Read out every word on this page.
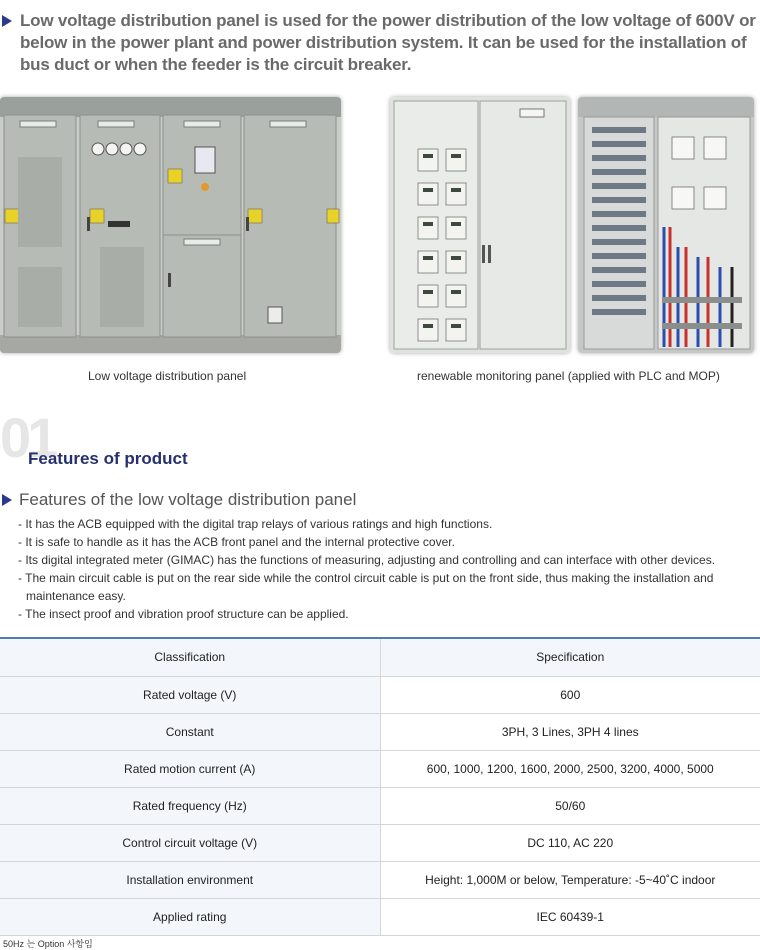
Low voltage distribution panel is used for the power distribution of the low voltage of 600V or below in the power plant and power distribution system. It can be used for the installation of bus duct or when the feeder is the circuit breaker.

Low voltage distribution panel	renewable monitoring panel (applied with PLC and MOP)
01
Features of product
Features of the low voltage distribution panel
- It has the ACB equipped with the digital trap relays of various ratings and high functions.
- It is safe to handle as it has the ACB front panel and the internal protective cover.
- Its digital integrated meter (GIMAC) has the functions of measuring, adjusting and controlling and can interface with other devices.
- The main circuit cable is put on the rear side while the control circuit cable is put on the front side, thus making the installation and maintenance easy.
- The insect proof and vibration proof structure can be applied.
Classification	Specification
Rated voltage (V)	600
Constant	3PH, 3 Lines, 3PH 4 lines
Rated motion current (A)	600, 1000, 1200, 1600, 2000, 2500, 3200, 4000, 5000
Rated frequency (Hz)	50/60
Control circuit voltage (V)	DC 110, AC 220
Installation environment	Height: 1,000M or below, Temperature: -5~40˚C indoor
Applied rating	IEC 60439-1
50Hz 는 Option 사항임
